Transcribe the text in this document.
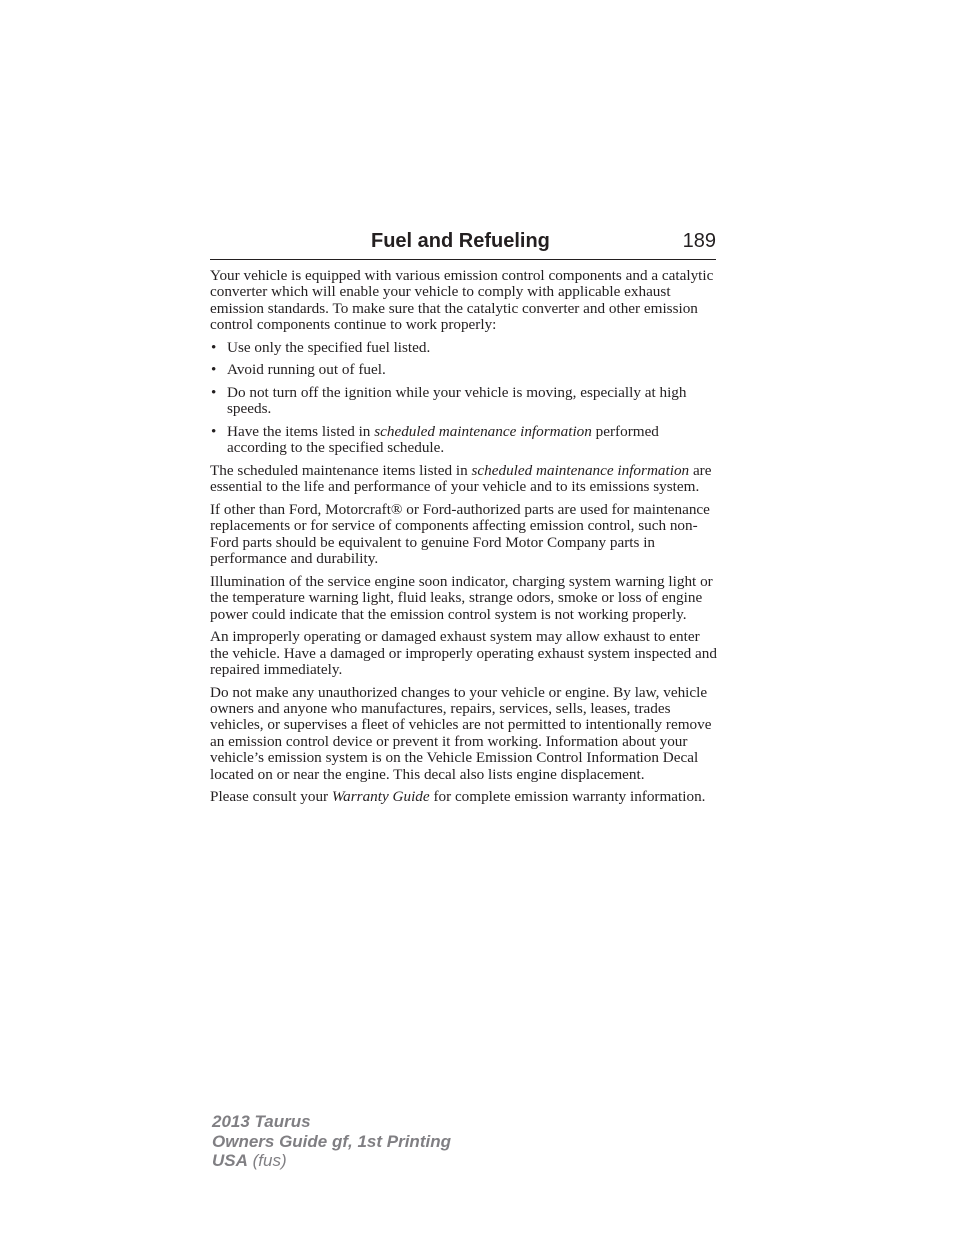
Fuel and Refueling	189

Your vehicle is equipped with various emission control components and a catalytic converter which will enable your vehicle to comply with applicable exhaust emission standards. To make sure that the catalytic converter and other emission control components continue to work properly:

• Use only the specified fuel listed.
• Avoid running out of fuel.
• Do not turn off the ignition while your vehicle is moving, especially at high speeds.
• Have the items listed in scheduled maintenance information performed according to the specified schedule.

The scheduled maintenance items listed in scheduled maintenance information are essential to the life and performance of your vehicle and to its emissions system.

If other than Ford, Motorcraft® or Ford-authorized parts are used for maintenance replacements or for service of components affecting emission control, such non-Ford parts should be equivalent to genuine Ford Motor Company parts in performance and durability.

Illumination of the service engine soon indicator, charging system warning light or the temperature warning light, fluid leaks, strange odors, smoke or loss of engine power could indicate that the emission control system is not working properly.

An improperly operating or damaged exhaust system may allow exhaust to enter the vehicle. Have a damaged or improperly operating exhaust system inspected and repaired immediately.

Do not make any unauthorized changes to your vehicle or engine. By law, vehicle owners and anyone who manufactures, repairs, services, sells, leases, trades vehicles, or supervises a fleet of vehicles are not permitted to intentionally remove an emission control device or prevent it from working. Information about your vehicle’s emission system is on the Vehicle Emission Control Information Decal located on or near the engine. This decal also lists engine displacement.

Please consult your Warranty Guide for complete emission warranty information.

2013 Taurus
Owners Guide gf, 1st Printing
USA (fus)
